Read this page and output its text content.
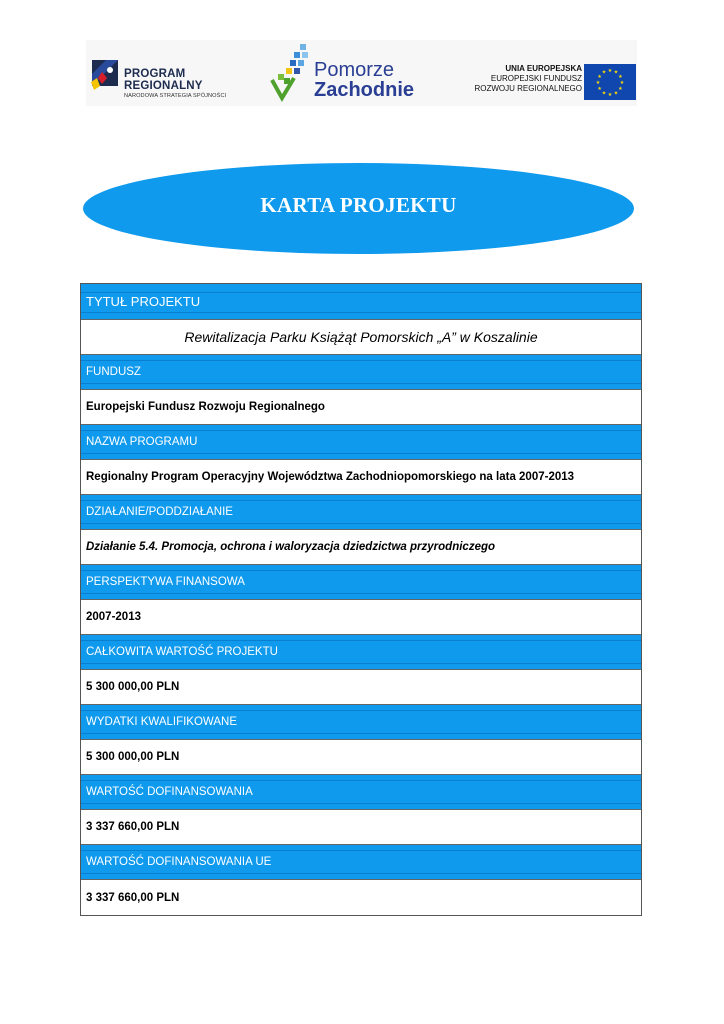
PROGRAM
REGIONALNY
NARODOWA STRATEGIA SPÓJNOŚCI
Pomorze
Zachodnie
UNIA EUROPEJSKA
EUROPEJSKI FUNDUSZ
ROZWOJU REGIONALNEGO
★ ★
★
★
★
★
★
★
★
★
★
★
KARTA PROJEKTU
TYTUŁ PROJEKTU
Rewitalizacja Parku Książąt Pomorskich „A” w Koszalinie
FUNDUSZ
Europejski Fundusz Rozwoju Regionalnego
NAZWA PROGRAMU
Regionalny Program Operacyjny Województwa Zachodniopomorskiego na lata 2007-2013
DZIAŁANIE/PODDZIAŁANIE
Działanie 5.4. Promocja, ochrona i waloryzacja dziedzictwa przyrodniczego
PERSPEKTYWA FINANSOWA
2007-2013
CAŁKOWITA WARTOŚĆ PROJEKTU
5 300 000,00 PLN
WYDATKI KWALIFIKOWANE
5 300 000,00 PLN
WARTOŚĆ DOFINANSOWANIA
3 337 660,00 PLN
WARTOŚĆ DOFINANSOWANIA UE
3 337 660,00 PLN
